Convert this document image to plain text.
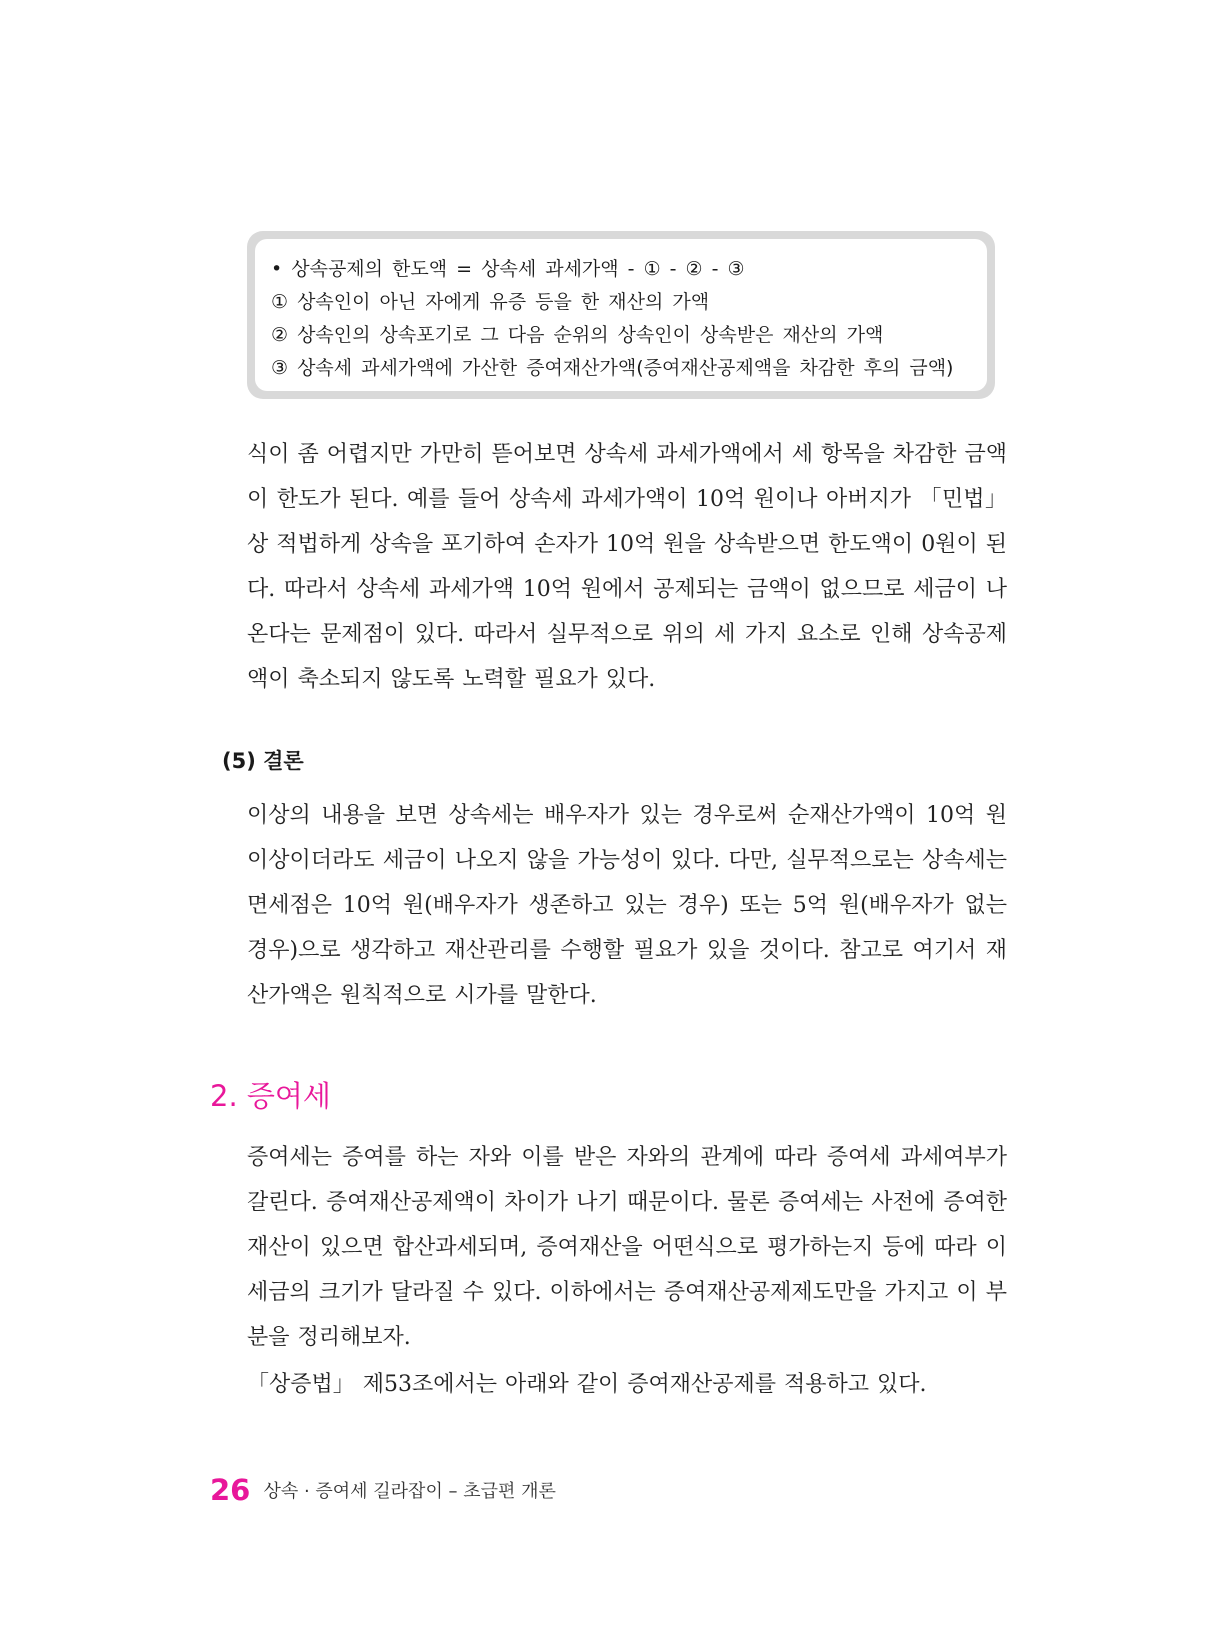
• 상속공제의 한도액 = 상속세 과세가액 - ① - ② - ③
① 상속인이 아닌 자에게 유증 등을 한 재산의 가액
② 상속인의 상속포기로 그 다음 순위의 상속인이 상속받은 재산의 가액
③ 상속세 과세가액에 가산한 증여재산가액(증여재산공제액을 차감한 후의 금액)

식이 좀 어렵지만 가만히 뜯어보면 상속세 과세가액에서 세 항목을 차감한 금액이 한도가 된다. 예를 들어 상속세 과세가액이 10억 원이나 아버지가 「민법」상 적법하게 상속을 포기하여 손자가 10억 원을 상속받으면 한도액이 0원이 된다. 따라서 상속세 과세가액 10억 원에서 공제되는 금액이 없으므로 세금이 나온다는 문제점이 있다. 따라서 실무적으로 위의 세 가지 요소로 인해 상속공제액이 축소되지 않도록 노력할 필요가 있다.

(5) 결론

이상의 내용을 보면 상속세는 배우자가 있는 경우로써 순재산가액이 10억 원 이상이더라도 세금이 나오지 않을 가능성이 있다. 다만, 실무적으로는 상속세는 면세점은 10억 원(배우자가 생존하고 있는 경우) 또는 5억 원(배우자가 없는 경우)으로 생각하고 재산관리를 수행할 필요가 있을 것이다. 참고로 여기서 재산가액은 원칙적으로 시가를 말한다.

2. 증여세

증여세는 증여를 하는 자와 이를 받은 자와의 관계에 따라 증여세 과세여부가 갈린다. 증여재산공제액이 차이가 나기 때문이다. 물론 증여세는 사전에 증여한 재산이 있으면 합산과세되며, 증여재산을 어떤식으로 평가하는지 등에 따라 이 세금의 크기가 달라질 수 있다. 이하에서는 증여재산공제제도만을 가지고 이 부분을 정리해보자.

「상증법」 제53조에서는 아래와 같이 증여재산공제를 적용하고 있다.

26 상속 · 증여세 길라잡이 – 초급편 개론
